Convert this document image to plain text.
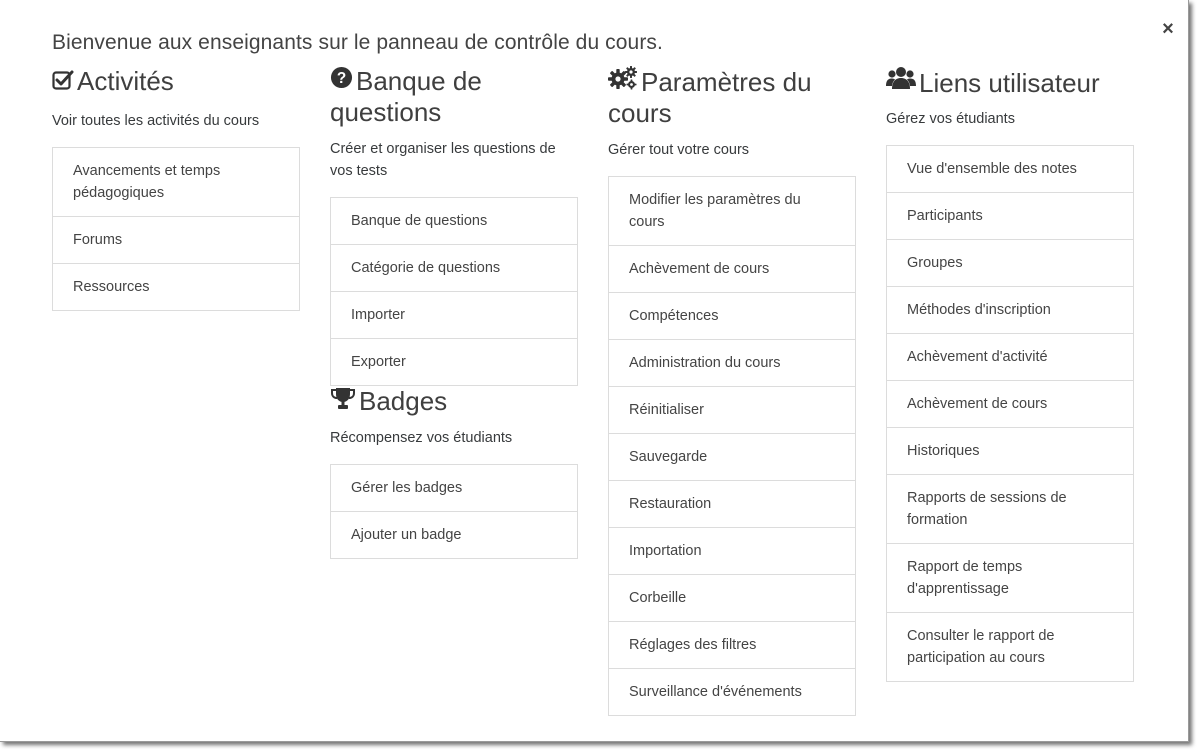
×
Bienvenue aux enseignants sur le panneau de contrôle du cours.
Activités
Voir toutes les activités du cours
Avancements et temps pédagogiques
Forums
Ressources
? Banque de questions
Créer et organiser les questions de vos tests
Banque de questions
Catégorie de questions
Importer
Exporter
Badges
Récompensez vos étudiants
Gérer les badges
Ajouter un badge
Paramètres du cours
Gérer tout votre cours
Modifier les paramètres du cours
Achèvement de cours
Compétences
Administration du cours
Réinitialiser
Sauvegarde
Restauration
Importation
Corbeille
Réglages des filtres
Surveillance d'événements
Liens utilisateur
Gérez vos étudiants
Vue d'ensemble des notes
Participants
Groupes
Méthodes d'inscription
Achèvement d'activité
Achèvement de cours
Historiques
Rapports de sessions de formation
Rapport de temps d'apprentissage
Consulter le rapport de participation au cours
